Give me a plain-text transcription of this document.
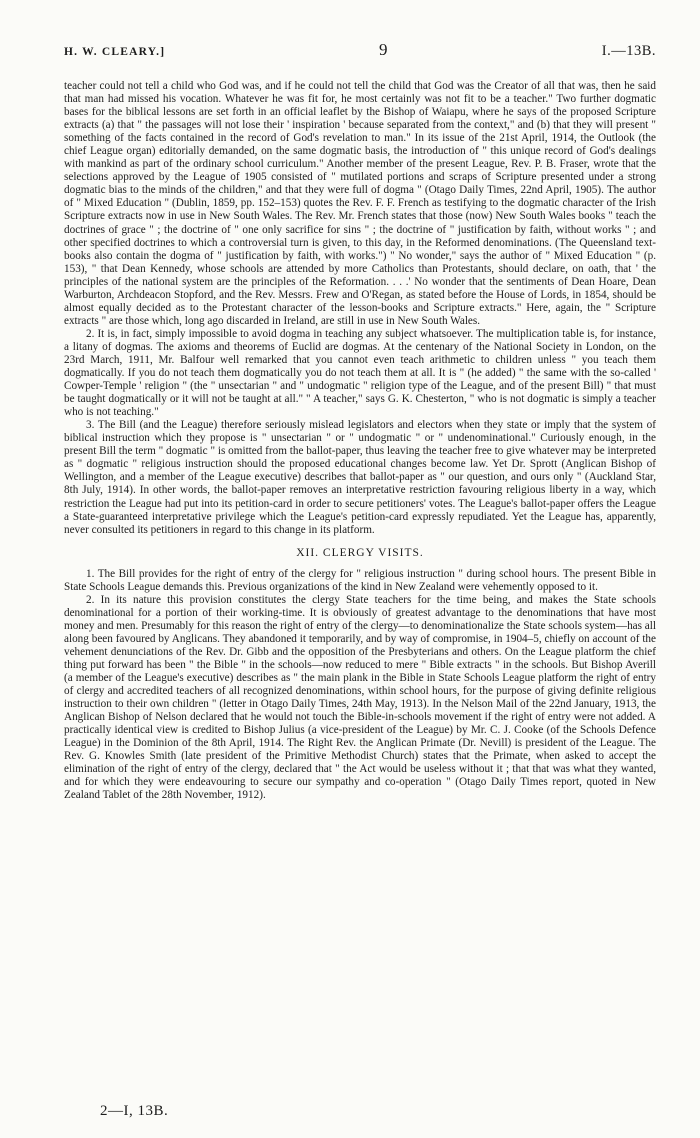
H. W. CLEARY.]	9	I.—13B.

teacher could not tell a child who God was, and if he could not tell the child that God was the Creator of all that was, then he said that man had missed his vocation. Whatever he was fit for, he most certainly was not fit to be a teacher." Two further dogmatic bases for the biblical lessons are set forth in an official leaflet by the Bishop of Waiapu, where he says of the proposed Scripture extracts (a) that " the passages will not lose their ' inspiration ' because separated from the context," and (b) that they will present " something of the facts contained in the record of God's revelation to man." In its issue of the 21st April, 1914, the Outlook (the chief League organ) editorially demanded, on the same dogmatic basis, the introduction of " this unique record of God's dealings with mankind as part of the ordinary school curriculum." Another member of the present League, Rev. P. B. Fraser, wrote that the selections approved by the League of 1905 consisted of " mutilated portions and scraps of Scripture presented under a strong dogmatic bias to the minds of the children," and that they were full of dogma " (Otago Daily Times, 22nd April, 1905). The author of " Mixed Education " (Dublin, 1859, pp. 152–153) quotes the Rev. F. F. French as testifying to the dogmatic character of the Irish Scripture extracts now in use in New South Wales. The Rev. Mr. French states that those (now) New South Wales books " teach the doctrines of grace " ; the doctrine of " one only sacrifice for sins " ; the doctrine of " justification by faith, without works " ; and other specified doctrines to which a controversial turn is given, to this day, in the Reformed denominations. (The Queensland text-books also contain the dogma of " justification by faith, with works.") " No wonder," says the author of " Mixed Education " (p. 153), " that Dean Kennedy, whose schools are attended by more Catholics than Protestants, should declare, on oath, that ' the principles of the national system are the principles of the Reformation. . . .' No wonder that the sentiments of Dean Hoare, Dean Warburton, Archdeacon Stopford, and the Rev. Messrs. Frew and O'Regan, as stated before the House of Lords, in 1854, should be almost equally decided as to the Protestant character of the lesson-books and Scripture extracts." Here, again, the " Scripture extracts " are those which, long ago discarded in Ireland, are still in use in New South Wales.

2. It is, in fact, simply impossible to avoid dogma in teaching any subject whatsoever. The multiplication table is, for instance, a litany of dogmas. The axioms and theorems of Euclid are dogmas. At the centenary of the National Society in London, on the 23rd March, 1911, Mr. Balfour well remarked that you cannot even teach arithmetic to children unless " you teach them dogmatically. If you do not teach them dogmatically you do not teach them at all. It is " (he added) " the same with the so-called ' Cowper-Temple ' religion " (the " unsectarian " and " undogmatic " religion type of the League, and of the present Bill) " that must be taught dogmatically or it will not be taught at all." " A teacher," says G. K. Chesterton, " who is not dogmatic is simply a teacher who is not teaching."

3. The Bill (and the League) therefore seriously mislead legislators and electors when they state or imply that the system of biblical instruction which they propose is " unsectarian " or " undogmatic " or " undenominational." Curiously enough, in the present Bill the term " dogmatic " is omitted from the ballot-paper, thus leaving the teacher free to give whatever may be interpreted as " dogmatic " religious instruction should the proposed educational changes become law. Yet Dr. Sprott (Anglican Bishop of Wellington, and a member of the League executive) describes that ballot-paper as " our question, and ours only " (Auckland Star, 8th July, 1914). In other words, the ballot-paper removes an interpretative restriction favouring religious liberty in a way, which restriction the League had put into its petition-card in order to secure petitioners' votes. The League's ballot-paper offers the League a State-guaranteed interpretative privilege which the League's petition-card expressly repudiated. Yet the League has, apparently, never consulted its petitioners in regard to this change in its platform.

XII. CLERGY VISITS.

1. The Bill provides for the right of entry of the clergy for " religious instruction " during school hours. The present Bible in State Schools League demands this. Previous organizations of the kind in New Zealand were vehemently opposed to it.

2. In its nature this provision constitutes the clergy State teachers for the time being, and makes the State schools denominational for a portion of their working-time. It is obviously of greatest advantage to the denominations that have most money and men. Presumably for this reason the right of entry of the clergy—to denominationalize the State schools system—has all along been favoured by Anglicans. They abandoned it temporarily, and by way of compromise, in 1904–5, chiefly on account of the vehement denunciations of the Rev. Dr. Gibb and the opposition of the Presbyterians and others. On the League platform the chief thing put forward has been " the Bible " in the schools—now reduced to mere " Bible extracts " in the schools. But Bishop Averill (a member of the League's executive) describes as " the main plank in the Bible in State Schools League platform the right of entry of clergy and accredited teachers of all recognized denominations, within school hours, for the purpose of giving definite religious instruction to their own children " (letter in Otago Daily Times, 24th May, 1913). In the Nelson Mail of the 22nd January, 1913, the Anglican Bishop of Nelson declared that he would not touch the Bible-in-schools movement if the right of entry were not added. A practically identical view is credited to Bishop Julius (a vice-president of the League) by Mr. C. J. Cooke (of the Schools Defence League) in the Dominion of the 8th April, 1914. The Right Rev. the Anglican Primate (Dr. Nevill) is president of the League. The Rev. G. Knowles Smith (late president of the Primitive Methodist Church) states that the Primate, when asked to accept the elimination of the right of entry of the clergy, declared that " the Act would be useless without it ; that that was what they wanted, and for which they were endeavouring to secure our sympathy and co-operation " (Otago Daily Times report, quoted in New Zealand Tablet of the 28th November, 1912).

2—I, 13B.
